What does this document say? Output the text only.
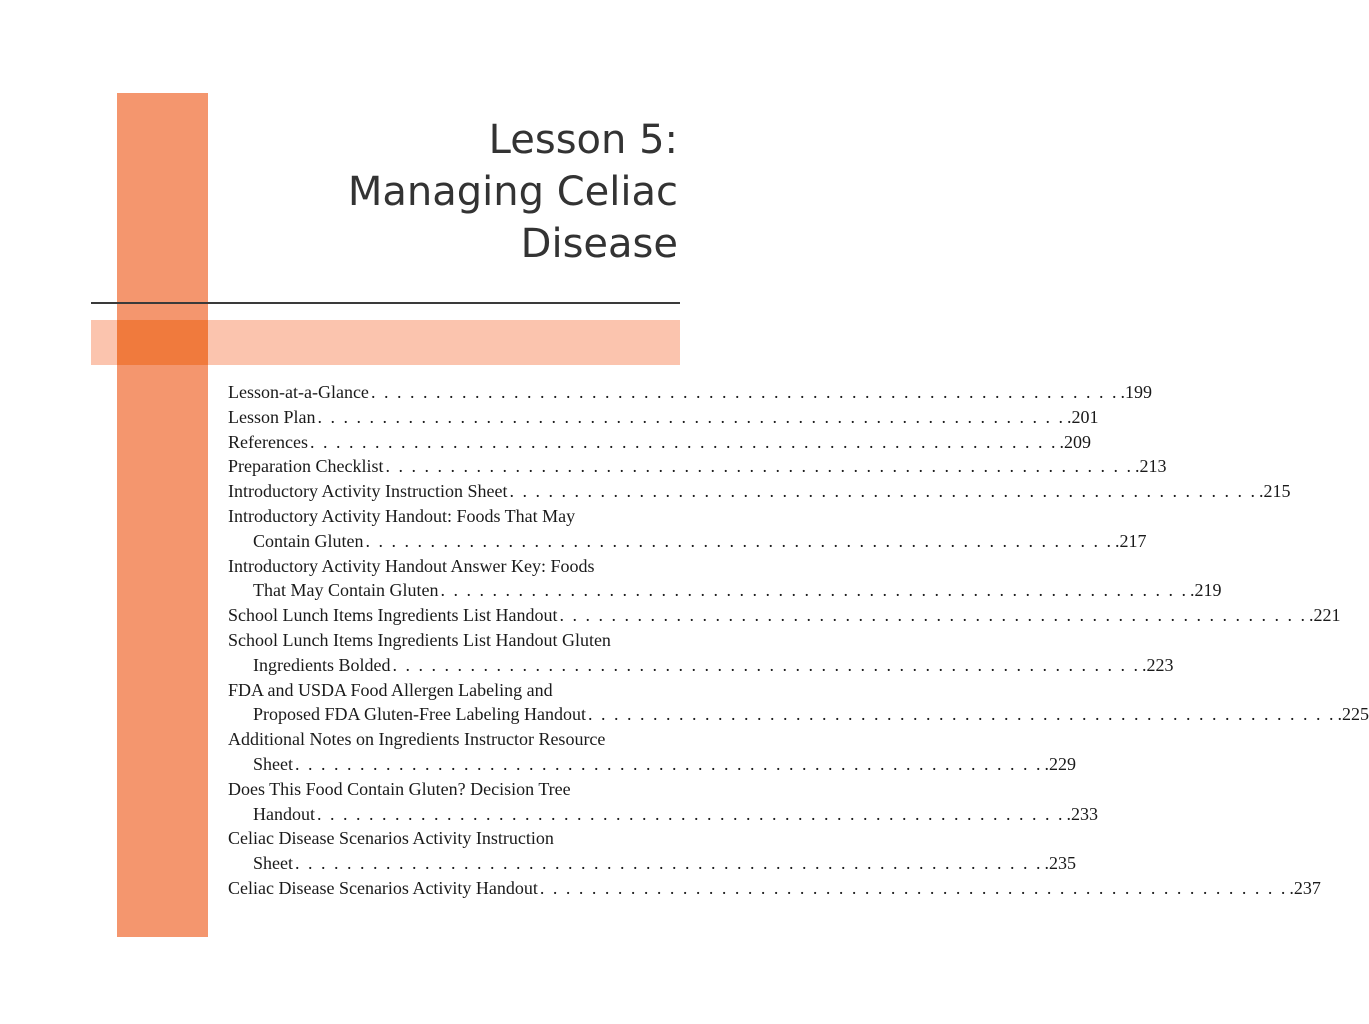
Lesson 5:
Managing Celiac
Disease
Lesson-at-a-Glance . . . . . . . . . . . . . . . . . . . . . . . . . . . . . . . . . . . . . . . . . . . . . . . . . . . . . . . . . . .199
Lesson Plan . . . . . . . . . . . . . . . . . . . . . . . . . . . . . . . . . . . . . . . . . . . . . . . . . . . . . . . . . . .201
References . . . . . . . . . . . . . . . . . . . . . . . . . . . . . . . . . . . . . . . . . . . . . . . . . . . . . . . . . . .209
Preparation Checklist . . . . . . . . . . . . . . . . . . . . . . . . . . . . . . . . . . . . . . . . . . . . . . . . . . . . . . . . . . .213
Introductory Activity Instruction Sheet . . . . . . . . . . . . . . . . . . . . . . . . . . . . . . . . . . . . . . . . . . . . . . . . . . . . . . . . . . .215
Introductory Activity Handout: Foods That May
Contain Gluten . . . . . . . . . . . . . . . . . . . . . . . . . . . . . . . . . . . . . . . . . . . . . . . . . . . . . . . . . . .217
Introductory Activity Handout Answer Key: Foods
That May Contain Gluten . . . . . . . . . . . . . . . . . . . . . . . . . . . . . . . . . . . . . . . . . . . . . . . . . . . . . . . . . . .219
School Lunch Items Ingredients List Handout . . . . . . . . . . . . . . . . . . . . . . . . . . . . . . . . . . . . . . . . . . . . . . . . . . . . . . . . . . .221
School Lunch Items Ingredients List Handout Gluten
Ingredients Bolded . . . . . . . . . . . . . . . . . . . . . . . . . . . . . . . . . . . . . . . . . . . . . . . . . . . . . . . . . . .223
FDA and USDA Food Allergen Labeling and
Proposed FDA Gluten-Free Labeling Handout . . . . . . . . . . . . . . . . . . . . . . . . . . . . . . . . . . . . . . . . . . . . . . . . . . . . . . . . . . .225
Additional Notes on Ingredients Instructor Resource
Sheet . . . . . . . . . . . . . . . . . . . . . . . . . . . . . . . . . . . . . . . . . . . . . . . . . . . . . . . . . . .229
Does This Food Contain Gluten? Decision Tree
Handout . . . . . . . . . . . . . . . . . . . . . . . . . . . . . . . . . . . . . . . . . . . . . . . . . . . . . . . . . . .233
Celiac Disease Scenarios Activity Instruction
Sheet . . . . . . . . . . . . . . . . . . . . . . . . . . . . . . . . . . . . . . . . . . . . . . . . . . . . . . . . . . .235
Celiac Disease Scenarios Activity Handout . . . . . . . . . . . . . . . . . . . . . . . . . . . . . . . . . . . . . . . . . . . . . . . . . . . . . . . . . . .237
